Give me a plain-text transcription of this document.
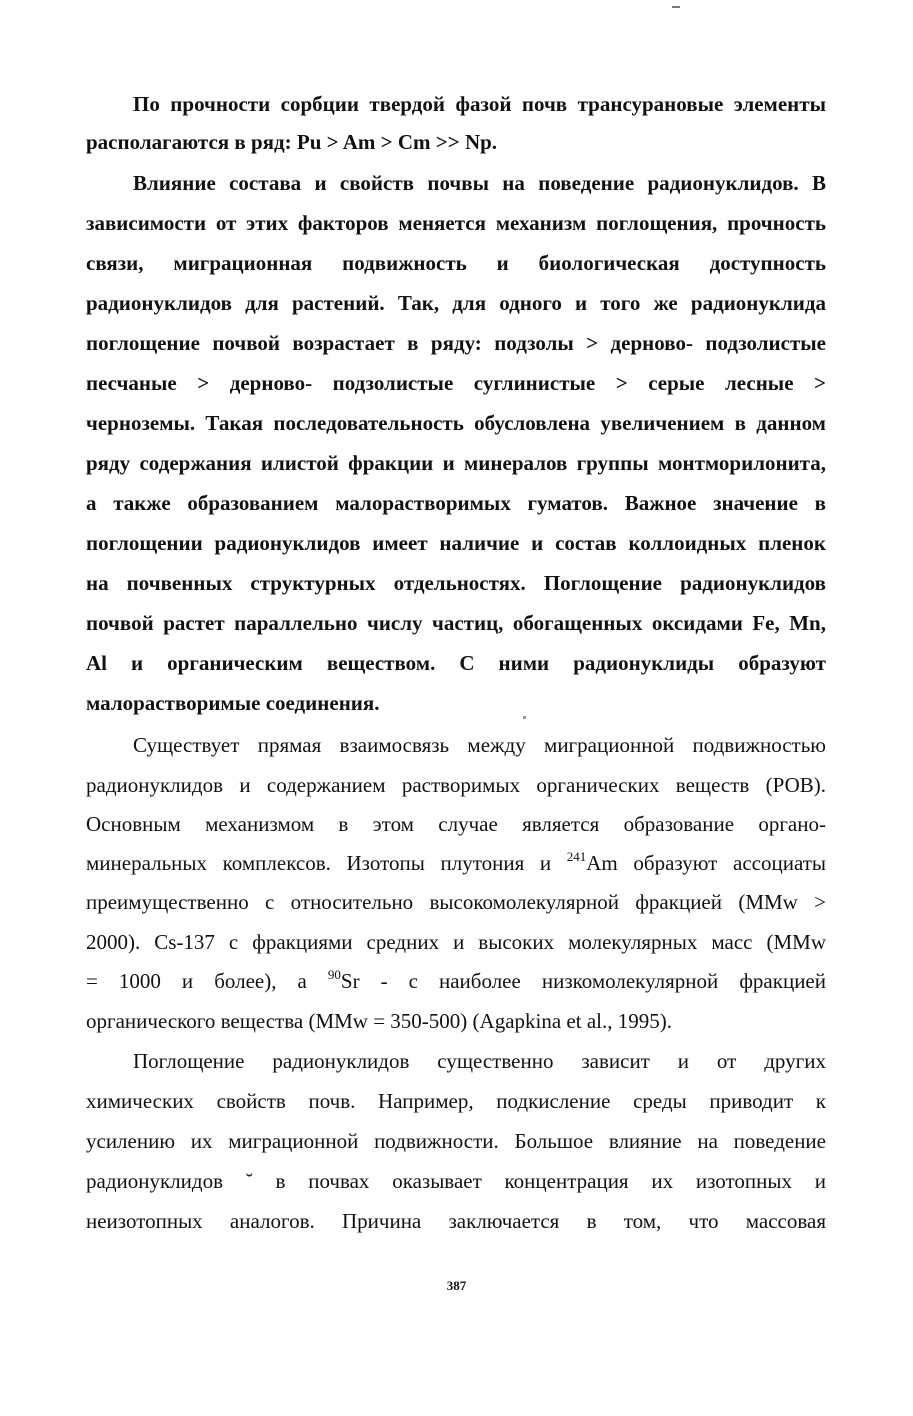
По прочности сорбции твердой фазой почв трансурановые элементы

располагаются в ряд: Pu > Am > Cm >> Np.

Влияние состава и свойств почвы на поведение радионуклидов. В

зависимости от этих факторов меняется механизм поглощения, прочность

связи, миграционная подвижность и биологическая доступность

радионуклидов для растений. Так, для одного и того же радионуклида

поглощение почвой возрастает в ряду: подзолы > дерново- подзолистые

песчаные > дерново- подзолистые суглинистые > серые лесные >

черноземы. Такая последовательность обусловлена увеличением в данном

ряду содержания илистой фракции и минералов группы монтморилонита,

а также образованием малорастворимых гуматов. Важное значение в

поглощении радионуклидов имеет наличие и состав коллоидных пленок

на почвенных структурных отдельностях. Поглощение радионуклидов

почвой растет параллельно числу частиц, обогащенных оксидами Fe, Mn,

Al и органическим веществом. С ними радионуклиды образуют

малорастворимые соединения.

Существует прямая взаимосвязь между миграционной подвижностью

радионуклидов и содержанием растворимых органических веществ (РОВ).

Основным механизмом в этом случае является образование органо-

минеральных комплексов. Изотопы плутония и $^{241}$Am образуют ассоциаты

преимущественно с относительно высокомолекулярной фракцией (MMw >

2000). Cs-137 с фракциями средних и высоких молекулярных масс (MMw

= 1000 и более), а $^{90}$Sr - с наиболее низкомолекулярной фракцией

органического вещества (MMw = 350-500) (Agapkina et al., 1995).

Поглощение радионуклидов существенно зависит и от других

химических свойств почв. Например, подкисление среды приводит к

усилению их миграционной подвижности. Большое влияние на поведение

радионуклидов ˘ в почвах оказывает концентрация их изотопных и

неизотопных аналогов. Причина заключается в том, что массовая

387
